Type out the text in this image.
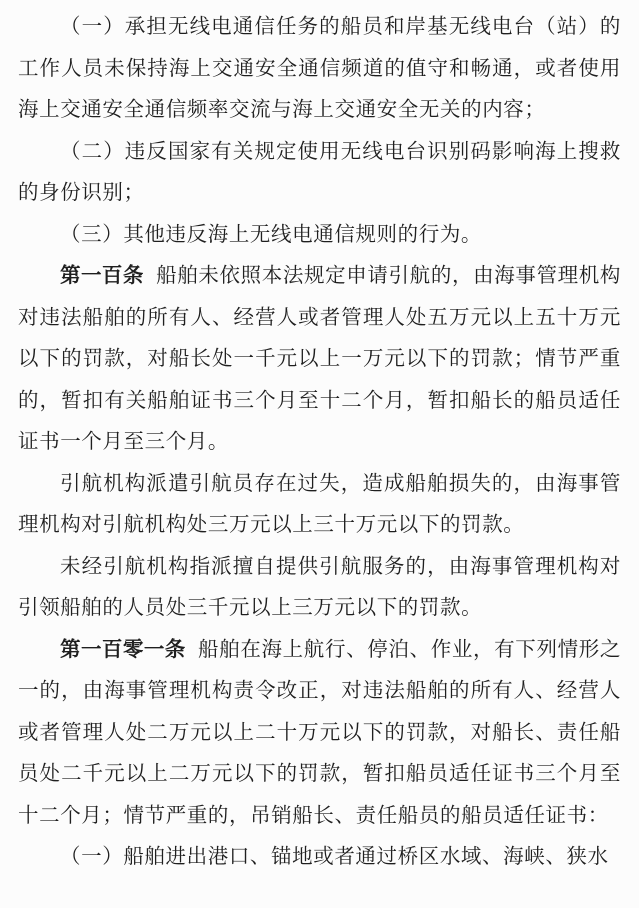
（一）承担无线电通信任务的船员和岸基无线电台（站）的工作人员未保持海上交通安全通信频道的值守和畅通，或者使用海上交通安全通信频率交流与海上交通安全无关的内容；

（二）违反国家有关规定使用无线电台识别码影响海上搜救的身份识别；

（三）其他违反海上无线电通信规则的行为。

第一百条 船舶未依照本法规定申请引航的，由海事管理机构对违法船舶的所有人、经营人或者管理人处五万元以上五十万元以下的罚款，对船长处一千元以上一万元以下的罚款；情节严重的，暂扣有关船舶证书三个月至十二个月，暂扣船长的船员适任证书一个月至三个月。

引航机构派遣引航员存在过失，造成船舶损失的，由海事管理机构对引航机构处三万元以上三十万元以下的罚款。

未经引航机构指派擅自提供引航服务的，由海事管理机构对引领船舶的人员处三千元以上三万元以下的罚款。

第一百零一条 船舶在海上航行、停泊、作业，有下列情形之一的，由海事管理机构责令改正，对违法船舶的所有人、经营人或者管理人处二万元以上二十万元以下的罚款，对船长、责任船员处二千元以上二万元以下的罚款，暂扣船员适任证书三个月至十二个月；情节严重的，吊销船长、责任船员的船员适任证书：

（一）船舶进出港口、锚地或者通过桥区水域、海峡、狭水
